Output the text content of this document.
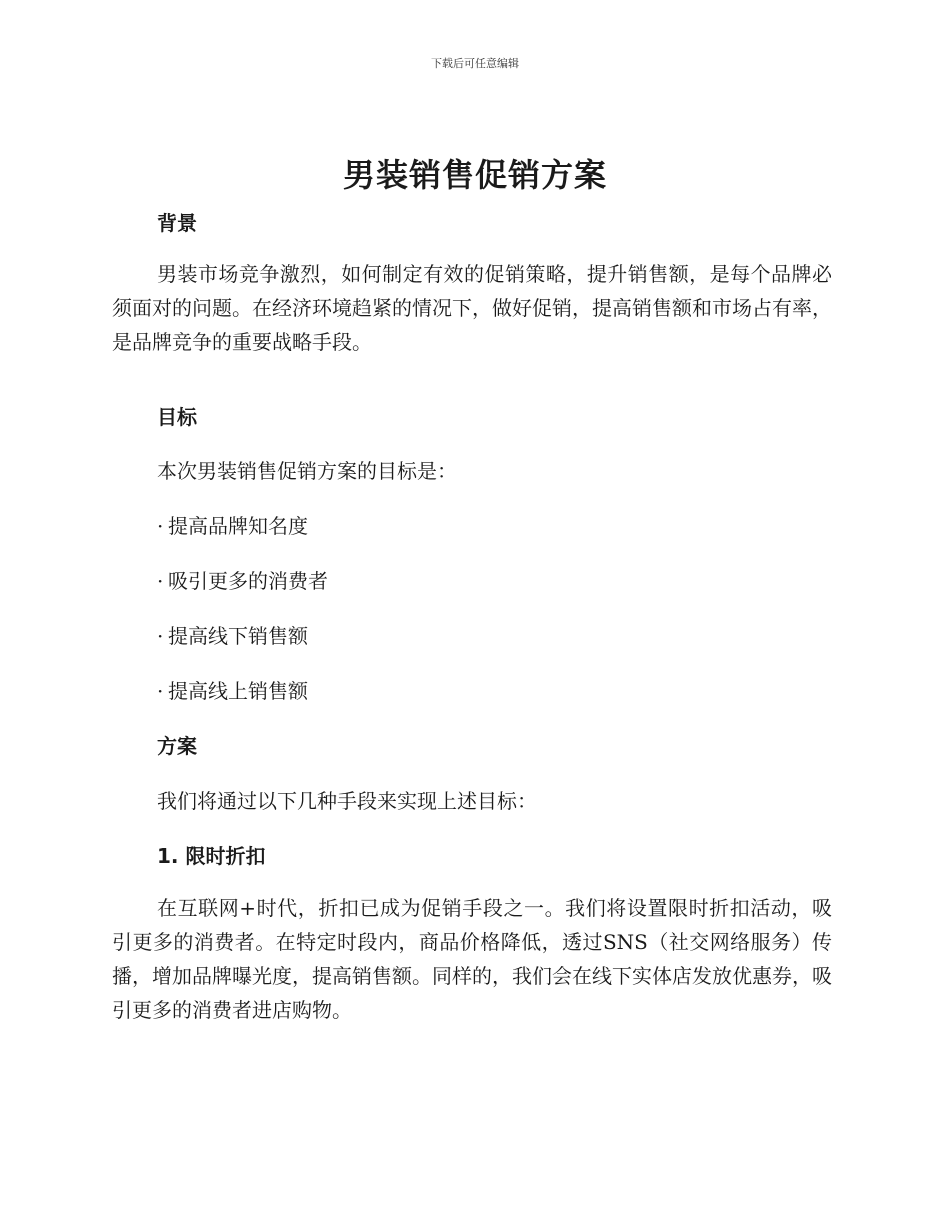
下载后可任意编辑
男装销售促销方案
背景
男装市场竞争激烈，如何制定有效的促销策略，提升销售额，是每个品牌必须面对的问题。在经济环境趋紧的情况下，做好促销，提高销售额和市场占有率，是品牌竞争的重要战略手段。
目标
本次男装销售促销方案的目标是：
· 提高品牌知名度
· 吸引更多的消费者
· 提高线下销售额
· 提高线上销售额
方案
我们将通过以下几种手段来实现上述目标：
1. 限时折扣
在互联网+时代，折扣已成为促销手段之一。我们将设置限时折扣活动，吸引更多的消费者。在特定时段内，商品价格降低，透过SNS（社交网络服务）传播，增加品牌曝光度，提高销售额。同样的，我们会在线下实体店发放优惠券，吸引更多的消费者进店购物。
